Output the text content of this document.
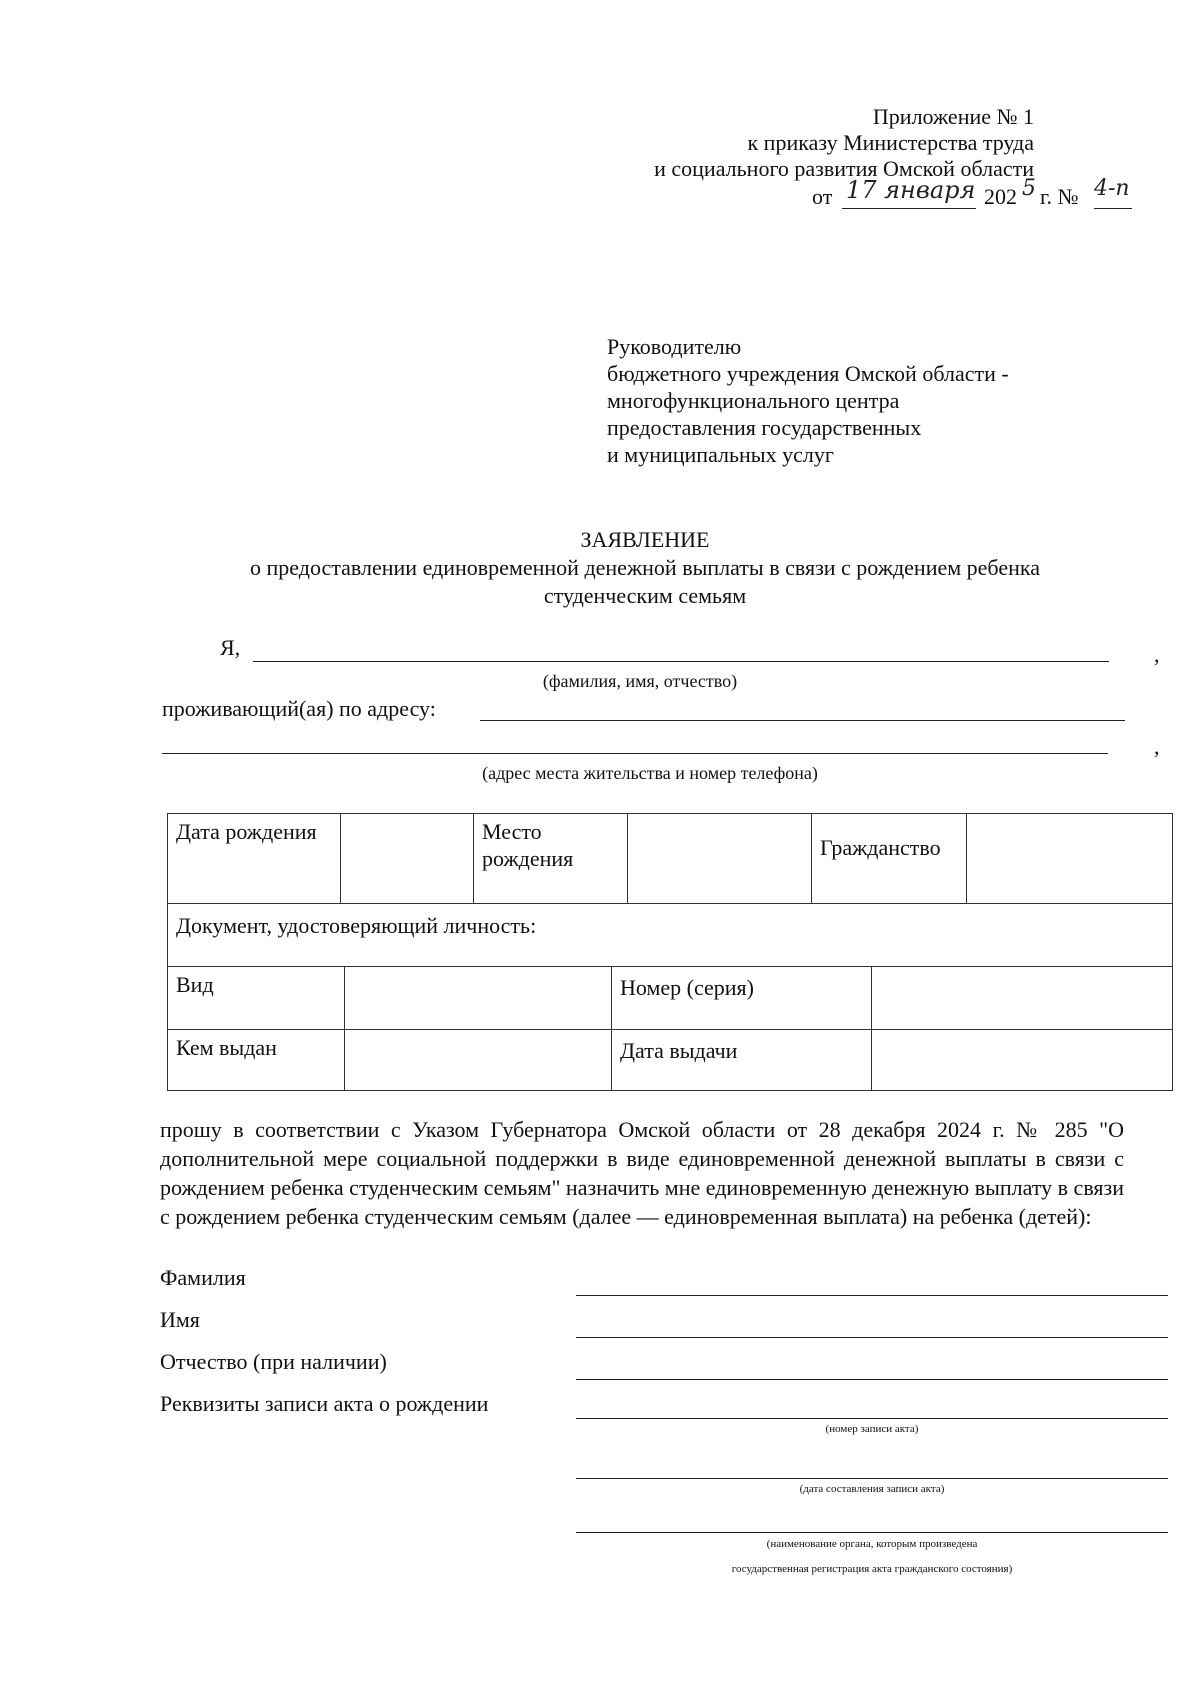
Приложение № 1
к приказу Министерства труда
и социального развития Омской области
от 17 января 202 5 г. № 4-п
Руководителю
бюджетного учреждения Омской области -
многофункционального центра
предоставления государственных
и муниципальных услуг
ЗАЯВЛЕНИЕ
о предоставлении единовременной денежной выплаты в связи с рождением ребенка
студенческим семьям
Я,	,
(фамилия, имя, отчество)
проживающий(ая) по адресу:
,
(адрес места жительства и номер телефона)
Дата рождения		Место рождения		Гражданство	
Документ, удостоверяющий личность:
Вид		Номер (серия)	
Кем выдан		Дата выдачи	
прошу в соответствии с Указом Губернатора Омской области от 28 декабря 2024 г. № 285 "О дополнительной мере социальной поддержки в виде единовременной денежной выплаты в связи с рождением ребенка студенческим семьям" назначить мне единовременную денежную выплату в связи с рождением ребенка студенческим семьям (далее — единовременная выплата) на ребенка (детей):
Фамилия
Имя
Отчество (при наличии)
Реквизиты записи акта о рождении
(номер записи акта)
(дата составления записи акта)
(наименование органа, которым произведена
государственная регистрация акта гражданского состояния)
